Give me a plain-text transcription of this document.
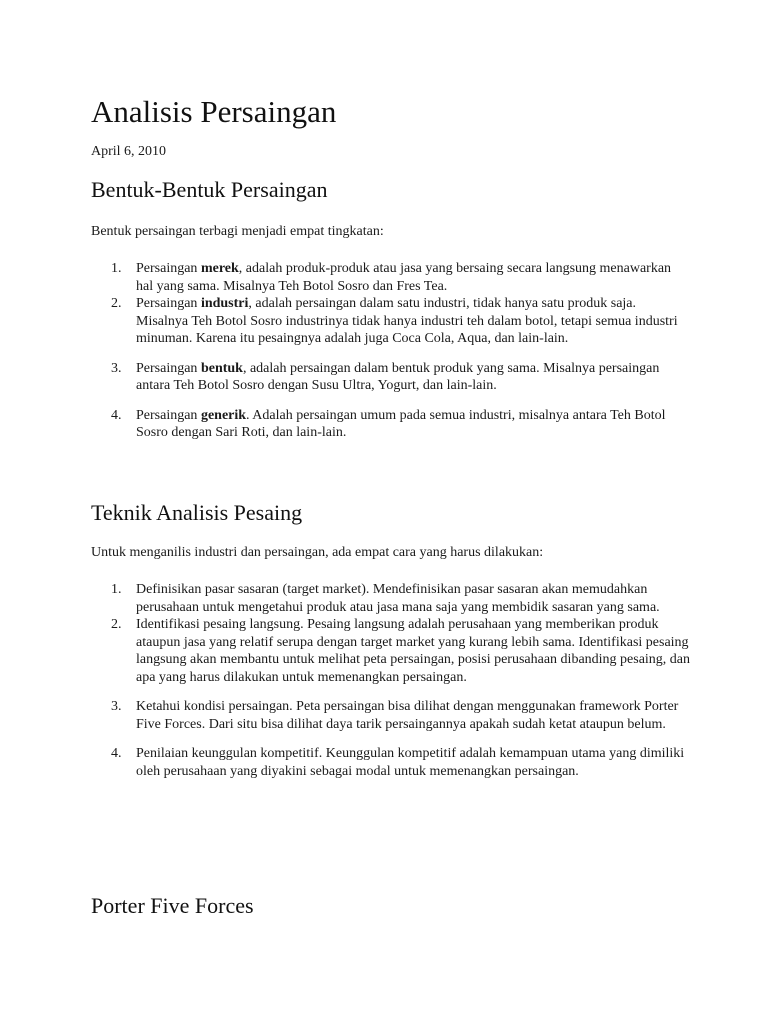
Analisis Persaingan
April 6, 2010
Bentuk-Bentuk Persaingan
Bentuk persaingan terbagi menjadi empat tingkatan:
1. Persaingan merek, adalah produk-produk atau jasa yang bersaing secara langsung menawarkan hal yang sama. Misalnya Teh Botol Sosro dan Fres Tea.
2. Persaingan industri, adalah persaingan dalam satu industri, tidak hanya satu produk saja. Misalnya Teh Botol Sosro industrinya tidak hanya industri teh dalam botol, tetapi semua industri minuman. Karena itu pesaingnya adalah juga Coca Cola, Aqua, dan lain-lain.
3. Persaingan bentuk, adalah persaingan dalam bentuk produk yang sama. Misalnya persaingan antara Teh Botol Sosro dengan Susu Ultra, Yogurt, dan lain-lain.
4. Persaingan generik. Adalah persaingan umum pada semua industri, misalnya antara Teh Botol Sosro dengan Sari Roti, dan lain-lain.
Teknik Analisis Pesaing
Untuk menganilis industri dan persaingan, ada empat cara yang harus dilakukan:
1. Definisikan pasar sasaran (target market). Mendefinisikan pasar sasaran akan memudahkan perusahaan untuk mengetahui produk atau jasa mana saja yang membidik sasaran yang sama.
2. Identifikasi pesaing langsung. Pesaing langsung adalah perusahaan yang memberikan produk ataupun jasa yang relatif serupa dengan target market yang kurang lebih sama. Identifikasi pesaing langsung akan membantu untuk melihat peta persaingan, posisi perusahaan dibanding pesaing, dan apa yang harus dilakukan untuk memenangkan persaingan.
3. Ketahui kondisi persaingan. Peta persaingan bisa dilihat dengan menggunakan framework Porter Five Forces. Dari situ bisa dilihat daya tarik persaingannya apakah sudah ketat ataupun belum.
4. Penilaian keunggulan kompetitif. Keunggulan kompetitif adalah kemampuan utama yang dimiliki oleh perusahaan yang diyakini sebagai modal untuk memenangkan persaingan.
Porter Five Forces
